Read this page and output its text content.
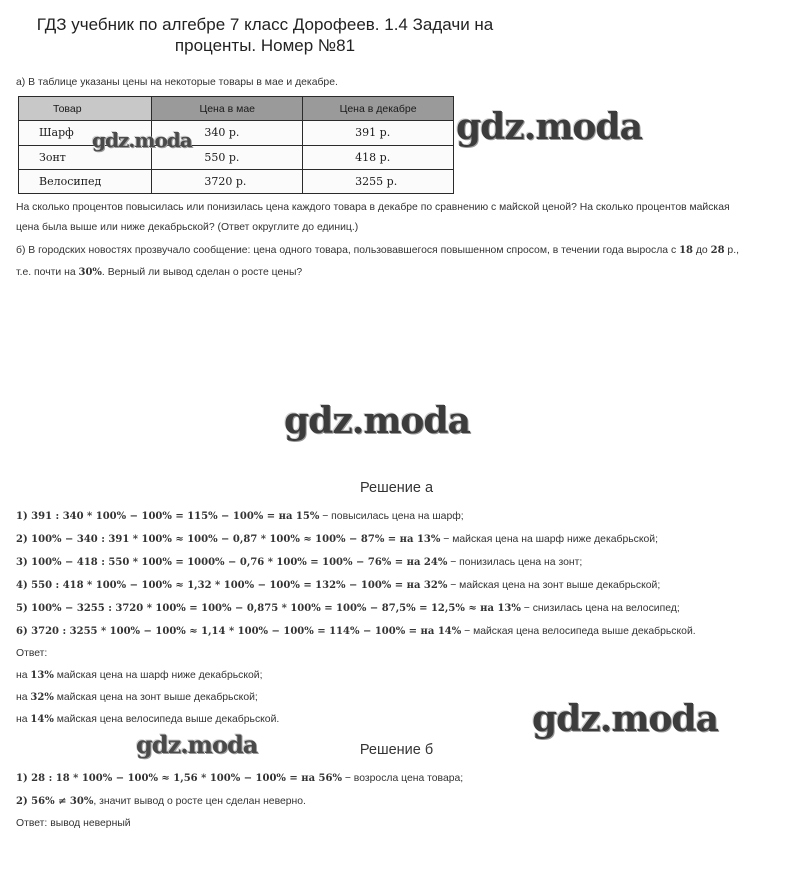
ГДЗ учебник по алгебре 7 класс Дорофеев. 1.4 Задачи на
проценты. Номер №81

а) В таблице указаны цены на некоторые товары в мае и декабре.

Товар	Цена в мае	Цена в декабре
Шарф	340 р.	391 р.
Зонт	550 р.	418 р.
Велосипед	3720 р.	3255 р.
gdz.moda	gdz.moda

На сколько процентов повысилась или понизилась цена каждого товара в декабре по сравнению с майской ценой? На сколько процентов майская

цена была выше или ниже декабрьской? (Ответ округлите до единиц.)

б) В городских новостях прозвучало сообщение: цена одного товара, пользовавшегося повышенном спросом, в течении года выросла с 18 до 28 р.,

т.е. почти на 30%. Верный ли вывод сделан о росте цены?

gdz.moda
Решение а

1) 391 : 340 * 100% − 100% = 115% − 100% = на 15% − повысилась цена на шарф;

2) 100% − 340 : 391 * 100% ≈ 100% − 0,87 * 100% ≈ 100% − 87% = на 13% − майская цена на шарф ниже декабрьской;

3) 100% − 418 : 550 * 100% = 1000% − 0,76 * 100% = 100% − 76% = на 24% − понизилась цена на зонт;

4) 550 : 418 * 100% − 100% ≈ 1,32 * 100% − 100% = 132% − 100% = на 32% − майская цена на зонт выше декабрьской;

5) 100% − 3255 : 3720 * 100% = 100% − 0,875 * 100% = 100% − 87,5% = 12,5% ≈ на 13% − снизилась цена на велосипед;

6) 3720 : 3255 * 100% − 100% ≈ 1,14 * 100% − 100% = 114% − 100% = на 14% − майская цена велосипеда выше декабрьской.

Ответ:

на 13% майская цена на шарф ниже декабрьской;

на 32% майская цена на зонт выше декабрьской;

на 14% майская цена велосипеда выше декабрьской.	gdz.moda
gdz.moda	Решение б

1) 28 : 18 * 100% − 100% ≈ 1,56 * 100% − 100% = на 56% − возросла цена товара;

2) 56% ≠ 30%, значит вывод о росте цен сделан неверно.

Ответ: вывод неверный
